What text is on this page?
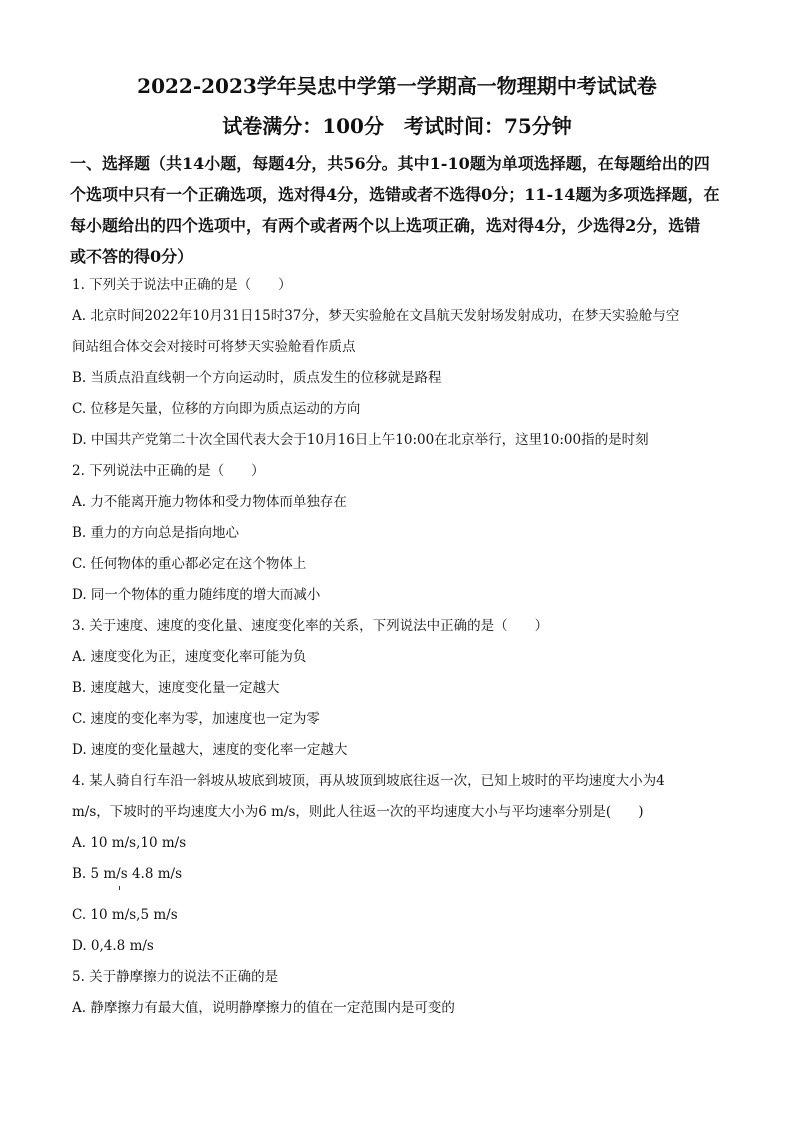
2022-2023学年吴忠中学第一学期高一物理期中考试试卷
试卷满分：100分　考试时间：75分钟
一、选择题（共14小题，每题4分，共56分。其中1-10题为单项选择题，在每题给出的四
个选项中只有一个正确选项，选对得4分，选错或者不选得0分；11-14题为多项选择题，在
每小题给出的四个选项中，有两个或者两个以上选项正确，选对得4分，少选得2分，选错
或不答的得0分）
1. 下列关于说法中正确的是（　　）
A. 北京时间2022年10月31日15时37分，梦天实验舱在文昌航天发射场发射成功，在梦天实验舱与空
间站组合体交会对接时可将梦天实验舱看作质点
B. 当质点沿直线朝一个方向运动时，质点发生的位移就是路程
C. 位移是矢量，位移的方向即为质点运动的方向
D. 中国共产党第二十次全国代表大会于10月16日上午10:00在北京举行，这里10:00指的是时刻
2. 下列说法中正确的是（　　）
A. 力不能离开施力物体和受力物体而单独存在
B. 重力的方向总是指向地心
C. 任何物体的重心都必定在这个物体上
D. 同一个物体的重力随纬度的增大而减小
3. 关于速度、速度的变化量、速度变化率的关系，下列说法中正确的是（　　）
A. 速度变化为正，速度变化率可能为负
B. 速度越大，速度变化量一定越大
C. 速度的变化率为零，加速度也一定为零
D. 速度的变化量越大，速度的变化率一定越大
4. 某人骑自行车沿一斜坡从坡底到坡顶，再从坡顶到坡底往返一次，已知上坡时的平均速度大小为4
m/s，下坡时的平均速度大小为6 m/s，则此人往返一次的平均速度大小与平均速率分别是(　　)
A. 10 m/s,10 m/s
B. 5 m/s 4.8 m/s
C. 10 m/s,5 m/s
D. 0,4.8 m/s
5. 关于静摩擦力的说法不正确的是
A. 静摩擦力有最大值，说明静摩擦力的值在一定范围内是可变的
